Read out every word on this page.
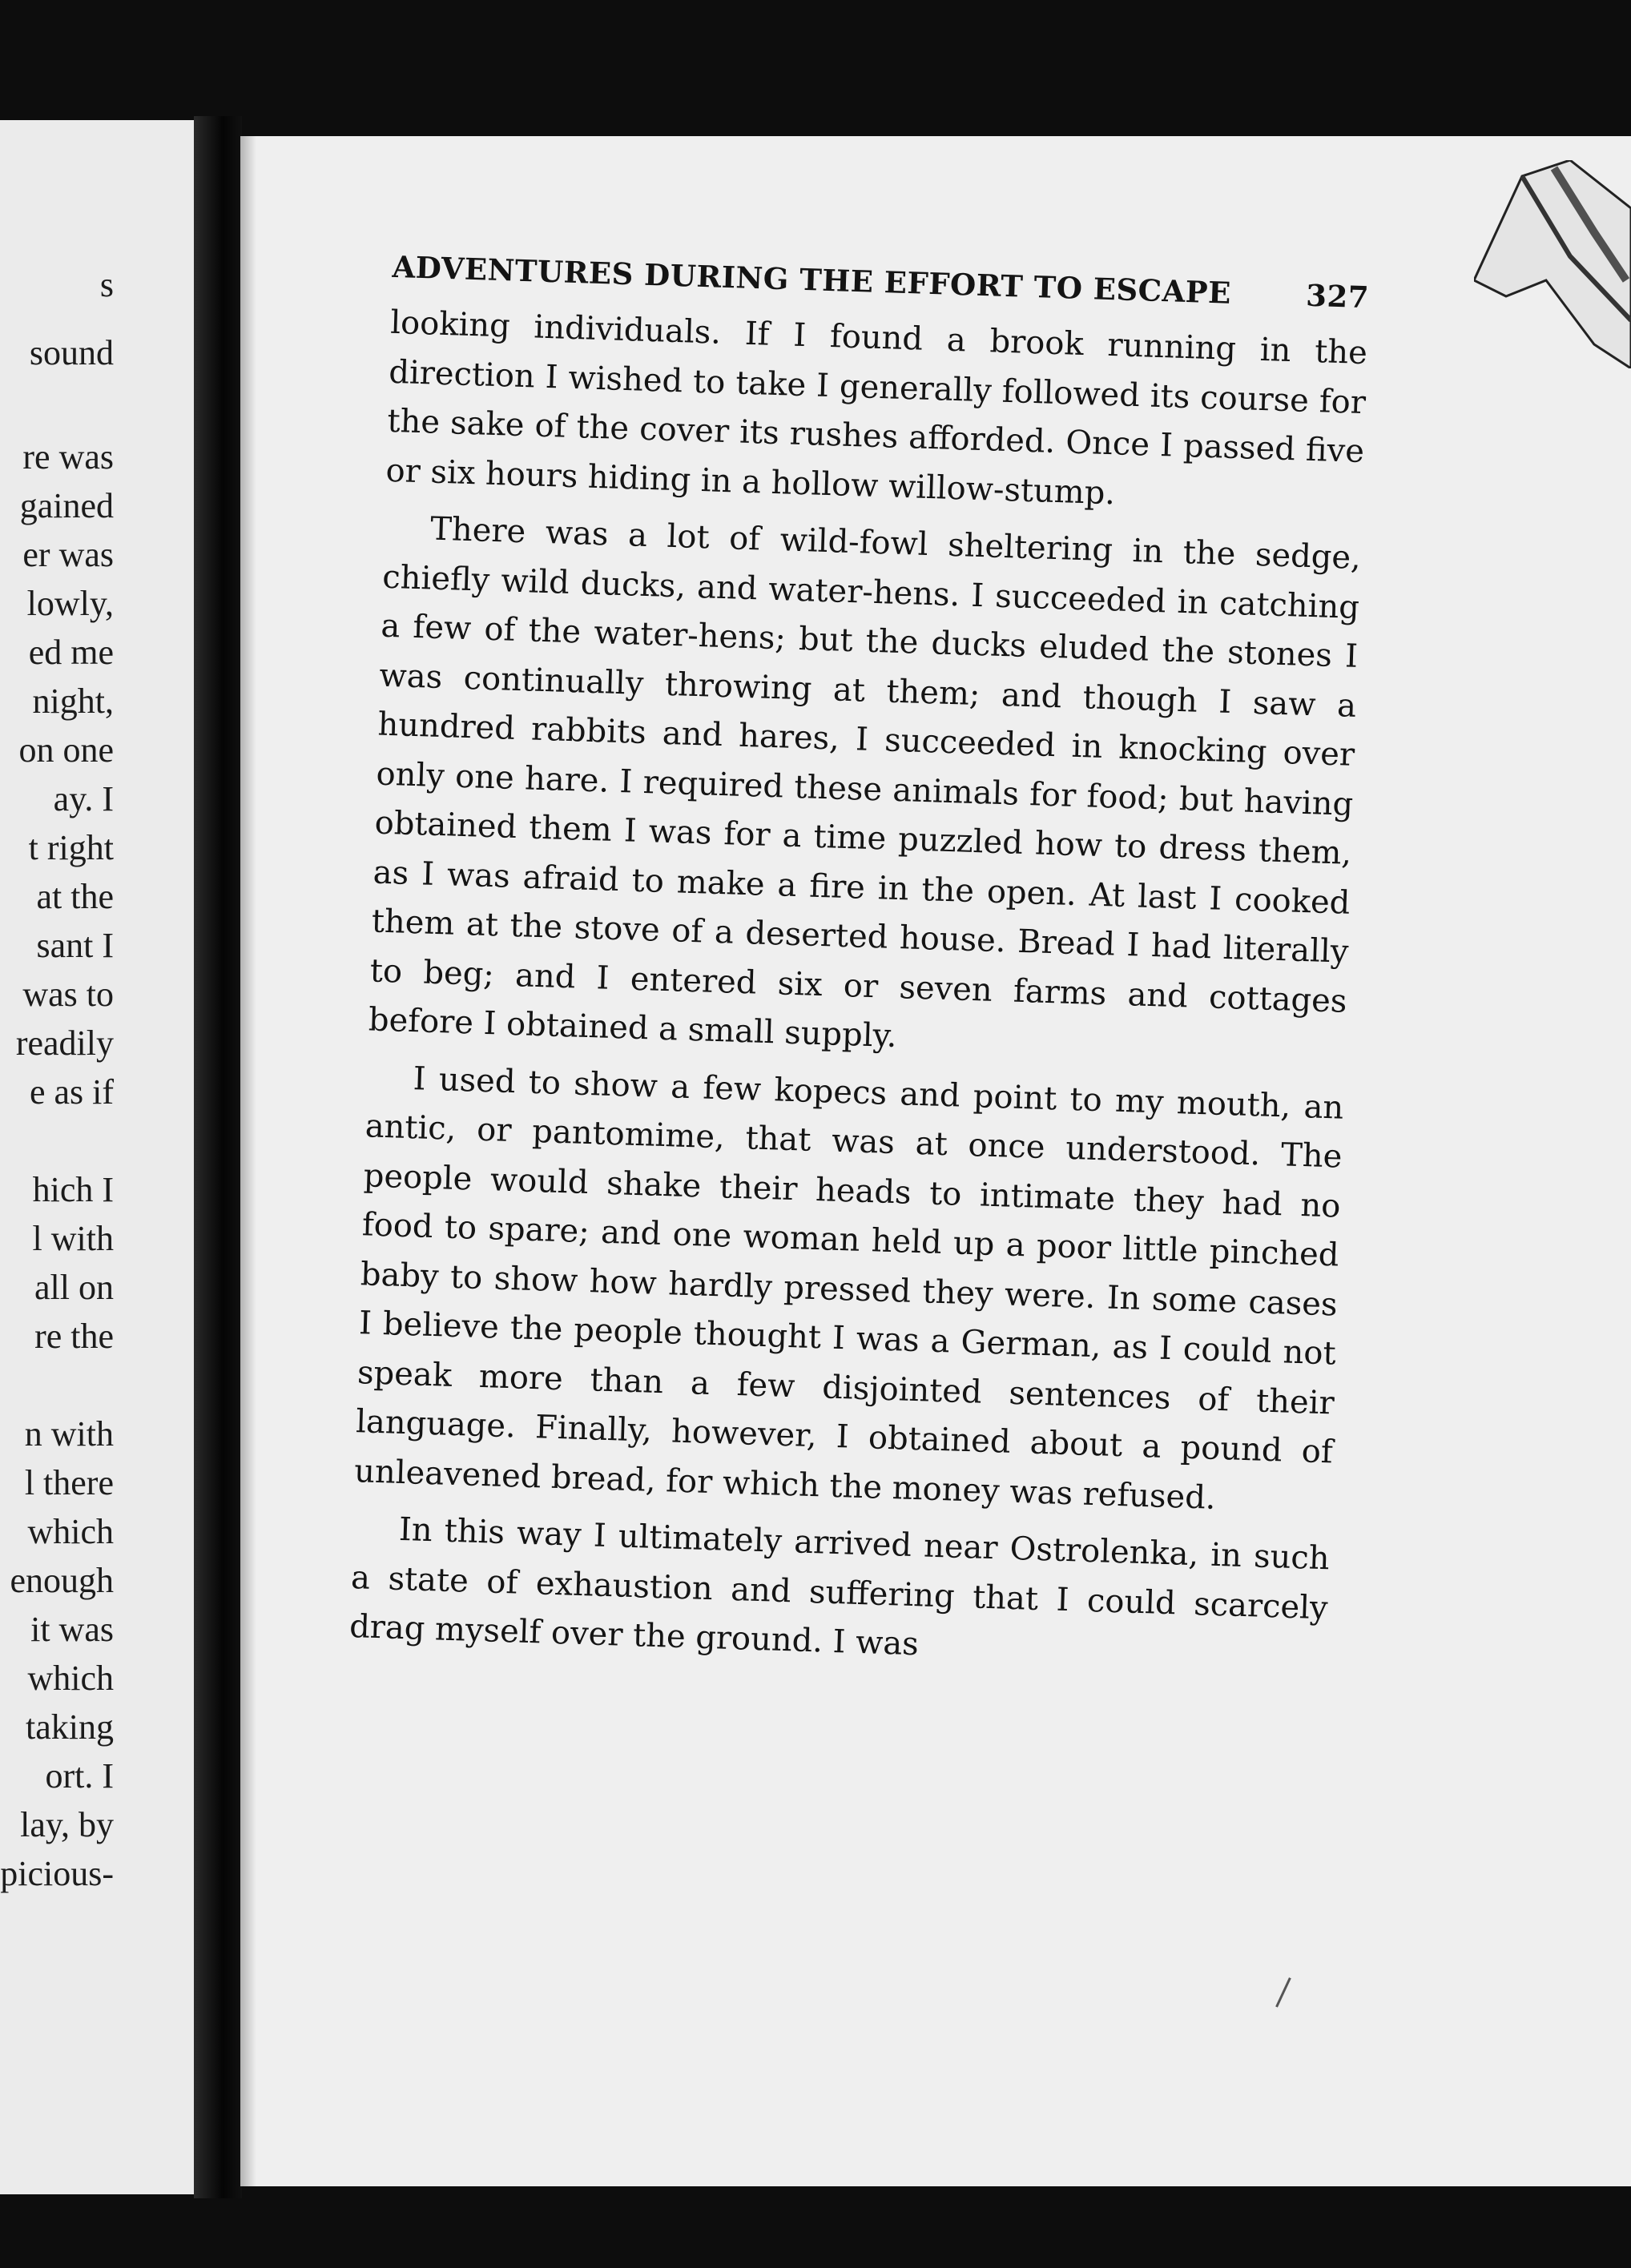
s

sound

re was

gained

er was

lowly,

ed me

night,

on one

ay. I

t right

at the

sant I

was to

readily

e as if

hich I

l with

all on

re the

n with

l there

which

enough

it was

which

taking

ort. I

lay, by

picious-

ADVENTURES DURING THE EFFORT TO ESCAPE 327

looking individuals. If I found a brook running in the direction I wished to take I generally followed its course for the sake of the cover its rushes afforded. Once I passed five or six hours hiding in a hollow willow-stump.

There was a lot of wild-fowl sheltering in the sedge, chiefly wild ducks, and water-hens. I succeeded in catching a few of the water-hens; but the ducks eluded the stones I was continually throwing at them; and though I saw a hundred rabbits and hares, I succeeded in knocking over only one hare. I required these animals for food; but having obtained them I was for a time puzzled how to dress them, as I was afraid to make a fire in the open. At last I cooked them at the stove of a deserted house. Bread I had literally to beg; and I entered six or seven farms and cottages before I obtained a small supply.

I used to show a few kopecs and point to my mouth, an antic, or pantomime, that was at once understood. The people would shake their heads to intimate they had no food to spare; and one woman held up a poor little pinched baby to show how hardly pressed they were. In some cases I believe the people thought I was a German, as I could not speak more than a few disjointed sentences of their language. Finally, however, I obtained about a pound of unleavened bread, for which the money was refused.

In this way I ultimately arrived near Ostrolenka, in such a state of exhaustion and suffering that I could scarcely drag myself over the ground. I was
